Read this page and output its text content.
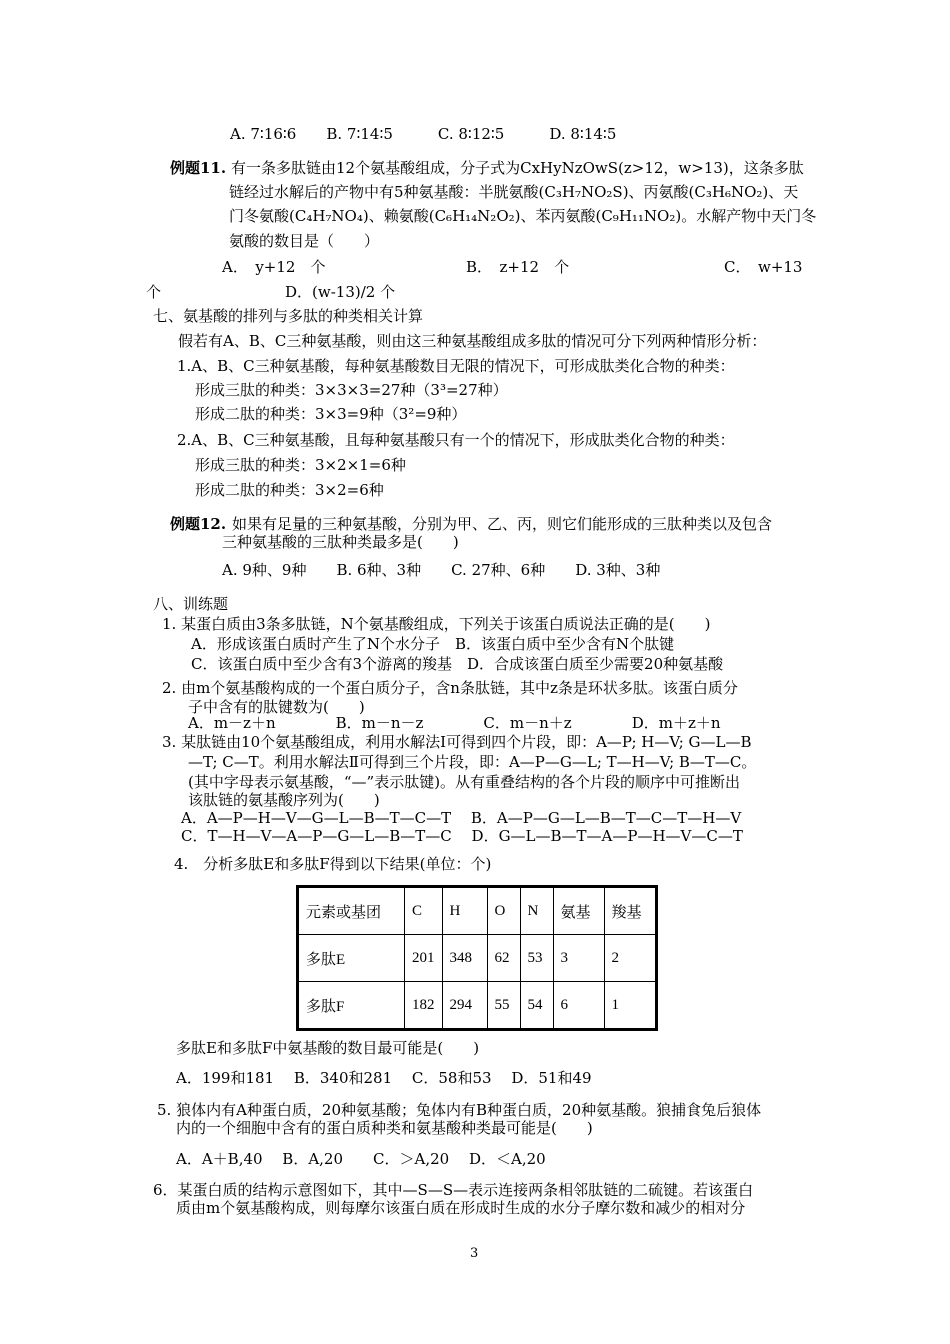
A. 7∶16∶6　　B. 7∶14∶5　　　C. 8∶12∶5　　　D. 8∶14∶5
例题11. 有一条多肽链由12个氨基酸组成，分子式为CxHyNzOwS(z>12，w>13)，这条多肽
链经过水解后的产物中有5种氨基酸：半胱氨酸(C₃H₇NO₂S)、丙氨酸(C₃H₆NO₂)、天
门冬氨酸(C₄H₇NO₄)、赖氨酸(C₆H₁₄N₂O₂)、苯丙氨酸(C₉H₁₁NO₂)。水解产物中天门冬
氨酸的数目是（　　）
A．　y+12　个	B．　z+12　个	C．　w+13
个	D．(w-13)/2 个
七、氨基酸的排列与多肽的种类相关计算
假若有A、B、C三种氨基酸，则由这三种氨基酸组成多肽的情况可分下列两种情形分析：
1.A、B、C三种氨基酸，每种氨基酸数目无限的情况下，可形成肽类化合物的种类：
形成三肽的种类：3×3×3=27种（3³=27种）
形成二肽的种类：3×3=9种（3²=9种）
2.A、B、C三种氨基酸，且每种氨基酸只有一个的情况下，形成肽类化合物的种类：
形成三肽的种类：3×2×1=6种
形成二肽的种类：3×2=6种
例题12. 如果有足量的三种氨基酸，分别为甲、乙、丙，则它们能形成的三肽种类以及包含
三种氨基酸的三肽种类最多是(　　)
A. 9种、9种　　B. 6种、3种　　C. 27种、6种　　D. 3种、3种
八、训练题
1. 某蛋白质由3条多肽链，N个氨基酸组成，下列关于该蛋白质说法正确的是(　　)
A．形成该蛋白质时产生了N个水分子　B．该蛋白质中至少含有N个肽键
C．该蛋白质中至少含有3个游离的羧基　D．合成该蛋白质至少需要20种氨基酸
2. 由m个氨基酸构成的一个蛋白质分子，含n条肽链，其中z条是环状多肽。该蛋白质分
子中含有的肽键数为(　　)
A．m－z＋n　　　　B．m－n－z　　　　C．m－n＋z　　　　D．m＋z＋n
3. 某肽链由10个氨基酸组成，利用水解法Ⅰ可得到四个片段，即：A—P; H—V; G—L—B
—T; C—T。利用水解法Ⅱ可得到三个片段，即：A—P—G—L; T—H—V; B—T—C。
(其中字母表示氨基酸，“—”表示肽键)。从有重叠结构的各个片段的顺序中可推断出
该肽链的氨基酸序列为(　　)
A．A—P—H—V—G—L—B—T—C—T　 B．A—P—G—L—B—T—C—T—H—V
C．T—H—V—A—P—G—L—B—T—C　 D．G—L—B—T—A—P—H—V—C—T
4.　分析多肽E和多肽F得到以下结果(单位：个)
元素或基团	C	H	O	N	氨基	羧基
多肽E	201	348	62	53	3	2
多肽F	182	294	55	54	6	1
多肽E和多肽F中氨基酸的数目最可能是(　　)
A．199和181　 B．340和281　 C．58和53　 D．51和49
5. 狼体内有A种蛋白质，20种氨基酸；兔体内有B种蛋白质，20种氨基酸。狼捕食兔后狼体
内的一个细胞中含有的蛋白质种类和氨基酸种类最可能是(　　)
A．A＋B,40　 B．A,20　　C．＞A,20　 D．＜A,20
6．某蛋白质的结构示意图如下，其中—S—S—表示连接两条相邻肽链的二硫键。若该蛋白
质由m个氨基酸构成，则每摩尔该蛋白质在形成时生成的水分子摩尔数和减少的相对分
3
